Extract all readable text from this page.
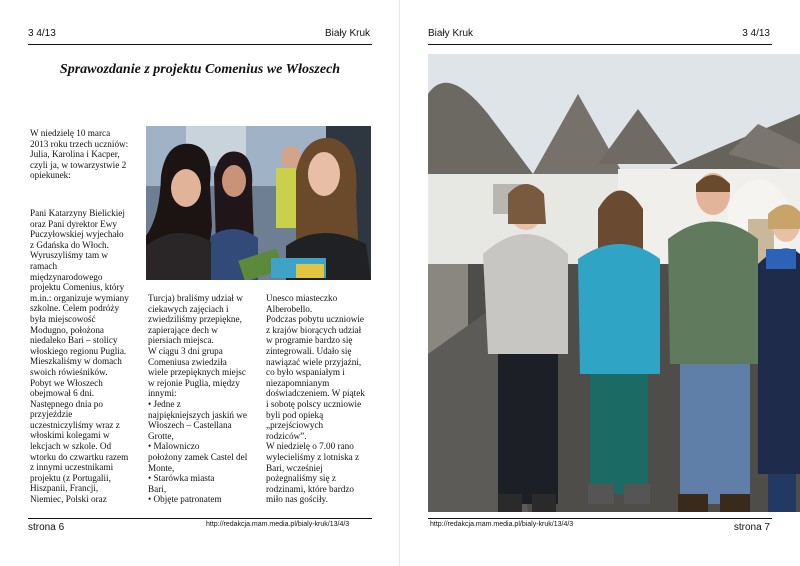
3 4/13	Biały Kruk
Sprawozdanie z projektu Comenius we Włoszech
W niedzielę 10 marca
2013 roku trzech uczniów:
Julia, Karolina i Kacper,
czyli ja, w towarzystwie 2
opiekunek:
Pani Katarzyny Bielickiej
oraz Pani dyrektor Ewy
Puczyłowskiej wyjechało
z Gdańska do Włoch.
Wyruszyliśmy tam w
ramach
międzynarodowego
projektu Comenius, który
m.in.: organizuje wymiany
szkolne. Celem podróży
była miejscowość
Modugno, położona
niedaleko Bari – stolicy
włoskiego regionu Puglia.
Mieszkaliśmy w domach
swoich rówieśników.
Pobyt we Włoszech
obejmował 6 dni.
Następnego dnia po
przyjeździe
uczestniczyliśmy wraz z
włoskimi kolegami w
lekcjach w szkole. Od
wtorku do czwartku razem
z innymi uczestnikami
projektu (z Portugalii,
Hiszpanii, Francji,
Niemiec, Polski oraz
Turcja) braliśmy udział w
ciekawych zajęciach i
zwiedziliśmy przepiękne,
zapierające dech w
piersiach miejsca.
W ciągu 3 dni grupa
Comeniusa zwiedziła
wiele przepięknych miejsc
w rejonie Puglia, między
innymi:
• Jedne z
najpiękniejszych jaskiń we
Włoszech – Castellana
Grotte,
• Malowniczo
położony zamek Castel del
Monte,
• Starówka miasta
Bari,
• Objęte patronatem
Unesco miasteczko
Alberobello.
Podczas pobytu uczniowie
z krajów biorących udział
w programie bardzo się
zintegrowali. Udało się
nawiązać wiele przyjaźni,
co było wspaniałym i
niezapomnianym
doświadczeniem. W piątek
i sobotę polscy uczniowie
byli pod opieką
„przejściowych
rodziców”.
W niedzielę o 7.00 rano
wylecieliśmy z lotniska z
Bari, wcześniej
pożegnaliśmy się z
rodzinami, które bardzo
miło nas gościły.
strona 6	http://redakcja.mam.media.pl/bialy-kruk/13/4/3
Biały Kruk	3 4/13
http://redakcja.mam.media.pl/bialy-kruk/13/4/3	strona 7
